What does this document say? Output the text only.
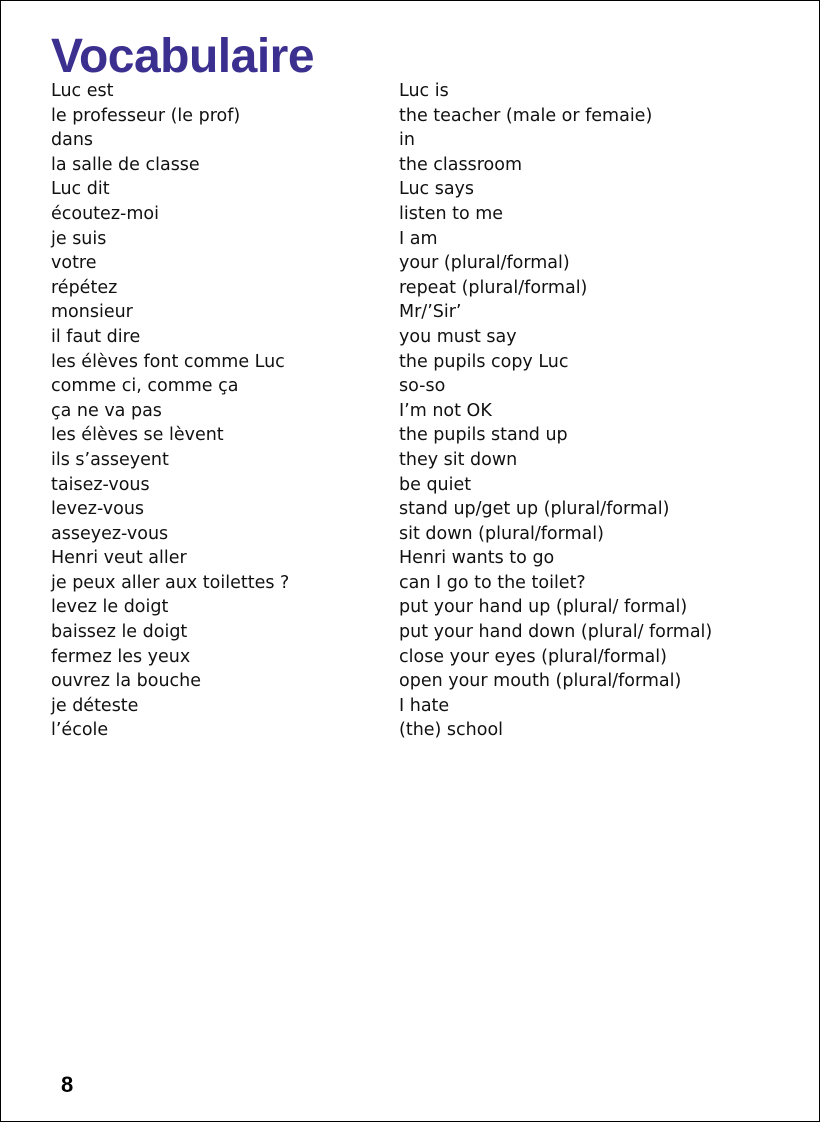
Vocabulaire
Luc est	Luc is
le professeur (le prof)	the teacher (male or femaie)
dans	in
la salle de classe	the classroom
Luc dit	Luc says
écoutez-moi	listen to me
je suis	I am
votre	your (plural/formal)
répétez	repeat (plural/formal)
monsieur	Mr/’Sir’
il faut dire	you must say
les élèves font comme Luc	the pupils copy Luc
comme ci, comme ça	so-so
ça ne va pas	I’m not OK
les élèves se lèvent	the pupils stand up
ils s’asseyent	they sit down
taisez-vous	be quiet
levez-vous	stand up/get up (plural/formal)
asseyez-vous	sit down (plural/formal)
Henri veut aller	Henri wants to go
je peux aller aux toilettes ?	can I go to the toilet?
levez le doigt	put your hand up (plural/ formal)
baissez le doigt	put your hand down (plural/ formal)
fermez les yeux	close your eyes (plural/formal)
ouvrez la bouche	open your mouth (plural/formal)
je déteste	I hate
l’école	(the) school
8
